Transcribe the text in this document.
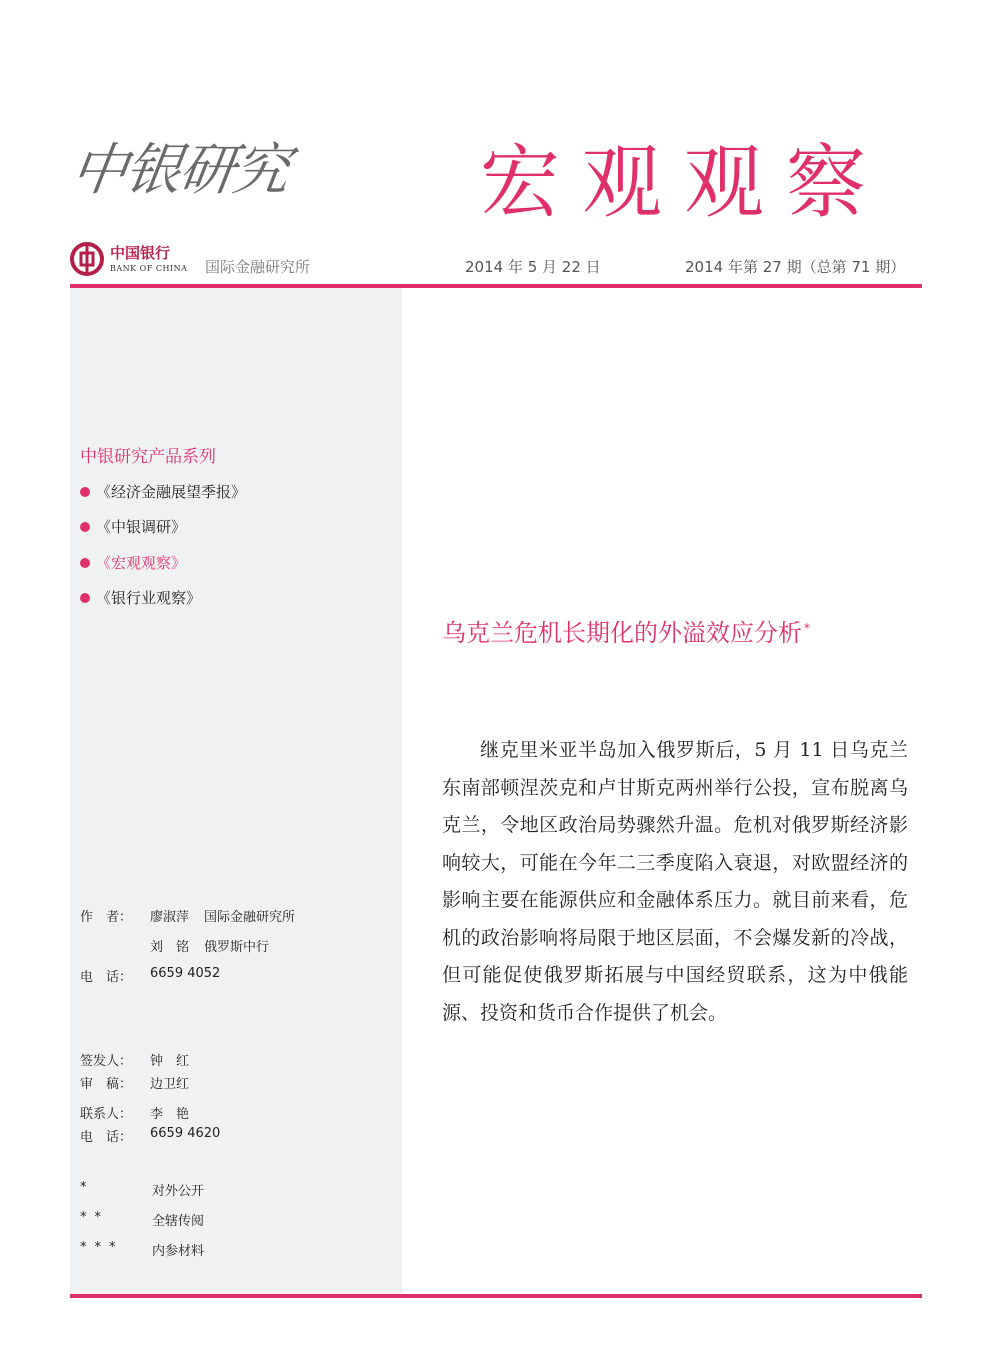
中银研究 宏观观察
中国银行
BANK OF CHINA 国际金融研究所	2014 年 5 月 22 日	2014 年第 27 期（总第 71 期）
中银研究产品系列
《经济金融展望季报》
《中银调研》
《宏观观察》
《银行业观察》
作　者： 廖淑萍 国际金融研究所
刘　铭 俄罗斯中行
电　话： 6659 4052
签发人： 钟　红
审　稿： 边卫红
联系人： 李　艳
电　话： 6659 4620
*	对外公开
**	全辖传阅
*** 内参材料
乌克兰危机长期化的外溢效应分析 *
继克里米亚半岛加入俄罗斯后，5 月 11 日乌克兰东南部顿涅茨克和卢甘斯克两州举行公投，宣布脱离乌克兰，令地区政治局势骤然升温。危机对俄罗斯经济影响较大，可能在今年二三季度陷入衰退，对欧盟经济的影响主要在能源供应和金融体系压力。就目前来看，危机的政治影响将局限于地区层面，不会爆发新的冷战，但可能促使俄罗斯拓展与中国经贸联系，这为中俄能源、投资和货币合作提供了机会。
